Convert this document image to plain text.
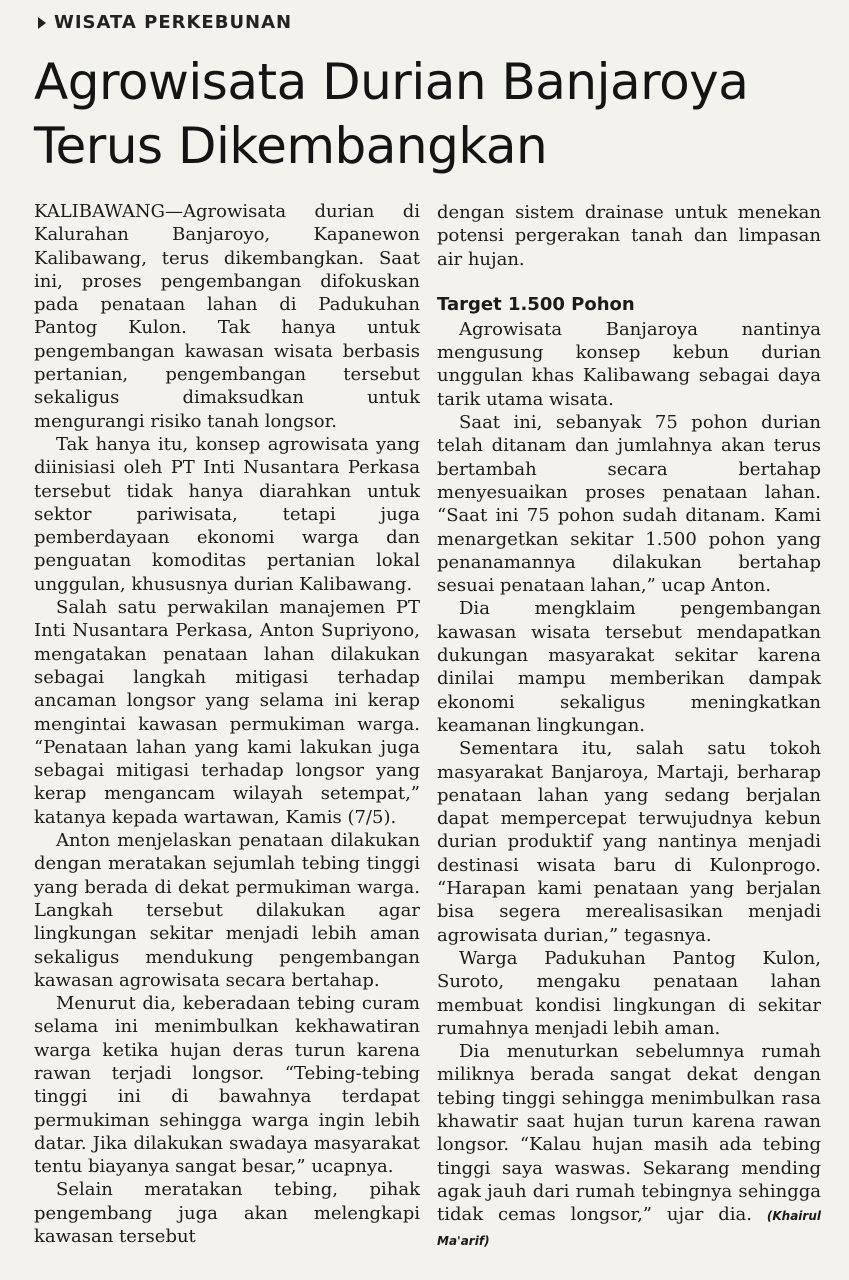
WISATA PERKEBUNAN
Agrowisata Durian Banjaroya Terus Dikembangkan

KALIBAWANG—Agrowisata durian di Kalurahan Banjaroyo, Kapanewon Kalibawang, terus dikembangkan. Saat ini, proses pengembangan difokuskan pada penataan lahan di Padukuhan Pantog Kulon. Tak hanya untuk pengembangan kawasan wisata berbasis pertanian, pengembangan tersebut sekaligus dimaksudkan untuk mengurangi risiko tanah longsor.

Tak hanya itu, konsep agrowisata yang diinisiasi oleh PT Inti Nusantara Perkasa tersebut tidak hanya diarahkan untuk sektor pariwisata, tetapi juga pemberdayaan ekonomi warga dan penguatan komoditas pertanian lokal unggulan, khususnya durian Kalibawang.

Salah satu perwakilan manajemen PT Inti Nusantara Perkasa, Anton Supriyono, mengatakan penataan lahan dilakukan sebagai langkah mitigasi terhadap ancaman longsor yang selama ini kerap mengintai kawasan permukiman warga. “Penataan lahan yang kami lakukan juga sebagai mitigasi terhadap longsor yang kerap mengancam wilayah setempat,” katanya kepada wartawan, Kamis (7/5).

Anton menjelaskan penataan dilakukan dengan meratakan sejumlah tebing tinggi yang berada di dekat permukiman warga. Langkah tersebut dilakukan agar lingkungan sekitar menjadi lebih aman sekaligus mendukung pengembangan kawasan agrowisata secara bertahap.

Menurut dia, keberadaan tebing curam selama ini menimbulkan kekhawatiran warga ketika hujan deras turun karena rawan terjadi longsor. “Tebing-tebing tinggi ini di bawahnya terdapat permukiman sehingga warga ingin lebih datar. Jika dilakukan swadaya masyarakat tentu biayanya sangat besar,” ucapnya.

Selain meratakan tebing, pihak pengembang juga akan melengkapi kawasan tersebut

dengan sistem drainase untuk menekan potensi pergerakan tanah dan limpasan air hujan.

Target 1.500 Pohon

Agrowisata Banjaroya nantinya mengusung konsep kebun durian unggulan khas Kalibawang sebagai daya tarik utama wisata.

Saat ini, sebanyak 75 pohon durian telah ditanam dan jumlahnya akan terus bertambah secara bertahap menyesuaikan proses penataan lahan. “Saat ini 75 pohon sudah ditanam. Kami menargetkan sekitar 1.500 pohon yang penanamannya dilakukan bertahap sesuai penataan lahan,” ucap Anton.

Dia mengklaim pengembangan kawasan wisata tersebut mendapatkan dukungan masyarakat sekitar karena dinilai mampu memberikan dampak ekonomi sekaligus meningkatkan keamanan lingkungan.

Sementara itu, salah satu tokoh masyarakat Banjaroya, Martaji, berharap penataan lahan yang sedang berjalan dapat mempercepat terwujudnya kebun durian produktif yang nantinya menjadi destinasi wisata baru di Kulonprogo. “Harapan kami penataan yang berjalan bisa segera merealisasikan menjadi agrowisata durian,” tegasnya.

Warga Padukuhan Pantog Kulon, Suroto, mengaku penataan lahan membuat kondisi lingkungan di sekitar rumahnya menjadi lebih aman.

Dia menuturkan sebelumnya rumah miliknya berada sangat dekat dengan tebing tinggi sehingga menimbulkan rasa khawatir saat hujan turun karena rawan longsor. “Kalau hujan masih ada tebing tinggi saya waswas. Sekarang mending agak jauh dari rumah tebingnya sehingga tidak cemas longsor,” ujar dia. (Khairul Ma'arif)
